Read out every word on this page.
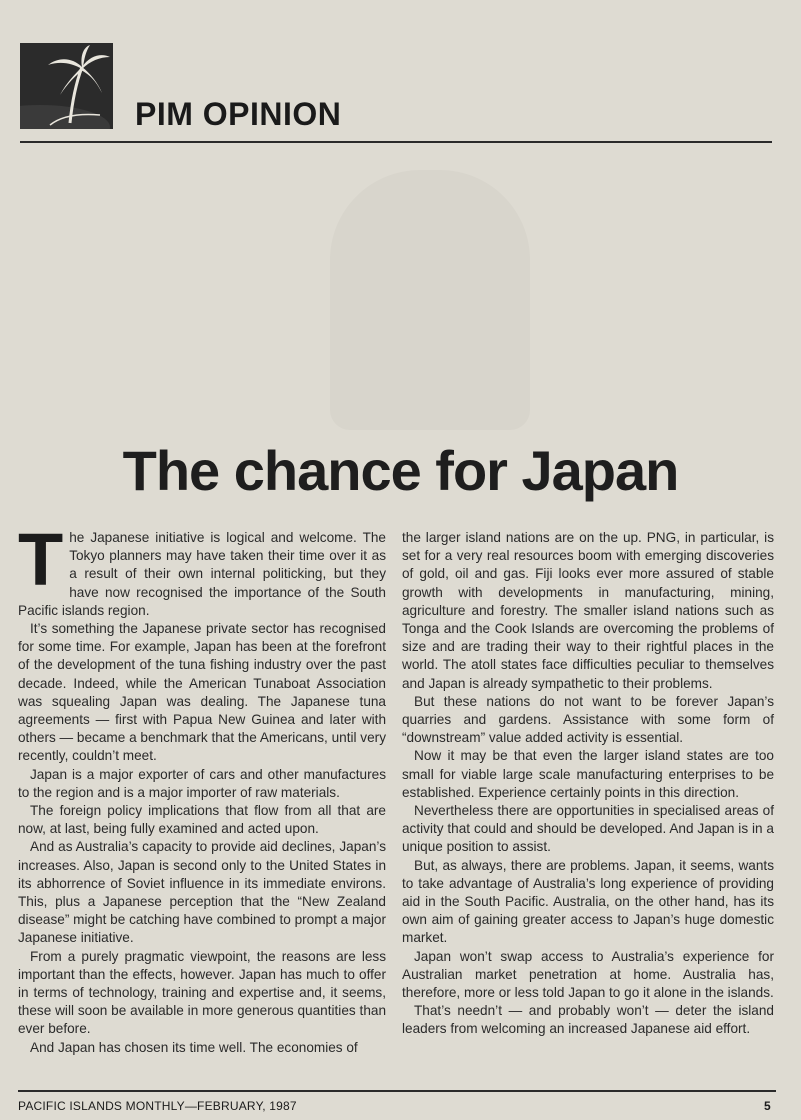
PIM OPINION
The chance for Japan

The Japanese initiative is logical and welcome. The Tokyo planners may have taken their time over it as a result of their own internal politicking, but they have now recognised the importance of the South Pacific islands region.

It’s something the Japanese private sector has recognised for some time. For example, Japan has been at the forefront of the development of the tuna fishing industry over the past decade. Indeed, while the American Tunaboat Association was squealing Japan was dealing. The Japanese tuna agreements — first with Papua New Guinea and later with others — became a benchmark that the Americans, until very recently, couldn’t meet.

Japan is a major exporter of cars and other manufactures to the region and is a major importer of raw materials.

The foreign policy implications that flow from all that are now, at last, being fully examined and acted upon.

And as Australia’s capacity to provide aid declines, Japan’s increases. Also, Japan is second only to the United States in its abhorrence of Soviet influence in its immediate environs. This, plus a Japanese perception that the “New Zealand disease” might be catching have combined to prompt a major Japanese initiative.

From a purely pragmatic viewpoint, the reasons are less important than the effects, however. Japan has much to offer in terms of technology, training and expertise and, it seems, these will soon be available in more generous quantities than ever before.

And Japan has chosen its time well. The economies of

the larger island nations are on the up. PNG, in particular, is set for a very real resources boom with emerging discoveries of gold, oil and gas. Fiji looks ever more assured of stable growth with developments in manufacturing, mining, agriculture and forestry. The smaller island nations such as Tonga and the Cook Islands are overcoming the problems of size and are trading their way to their rightful places in the world. The atoll states face difficulties peculiar to themselves and Japan is already sympathetic to their problems.

But these nations do not want to be forever Japan’s quarries and gardens. Assistance with some form of “downstream” value added activity is essential.

Now it may be that even the larger island states are too small for viable large scale manufacturing enterprises to be established. Experience certainly points in this direction.

Nevertheless there are opportunities in specialised areas of activity that could and should be developed. And Japan is in a unique position to assist.

But, as always, there are problems. Japan, it seems, wants to take advantage of Australia’s long experience of providing aid in the South Pacific. Australia, on the other hand, has its own aim of gaining greater access to Japan’s huge domestic market.

Japan won’t swap access to Australia’s experience for Australian market penetration at home. Australia has, therefore, more or less told Japan to go it alone in the islands.

That’s needn’t — and probably won’t — deter the island leaders from welcoming an increased Japanese aid effort.

PACIFIC ISLANDS MONTHLY—FEBRUARY, 1987	5
